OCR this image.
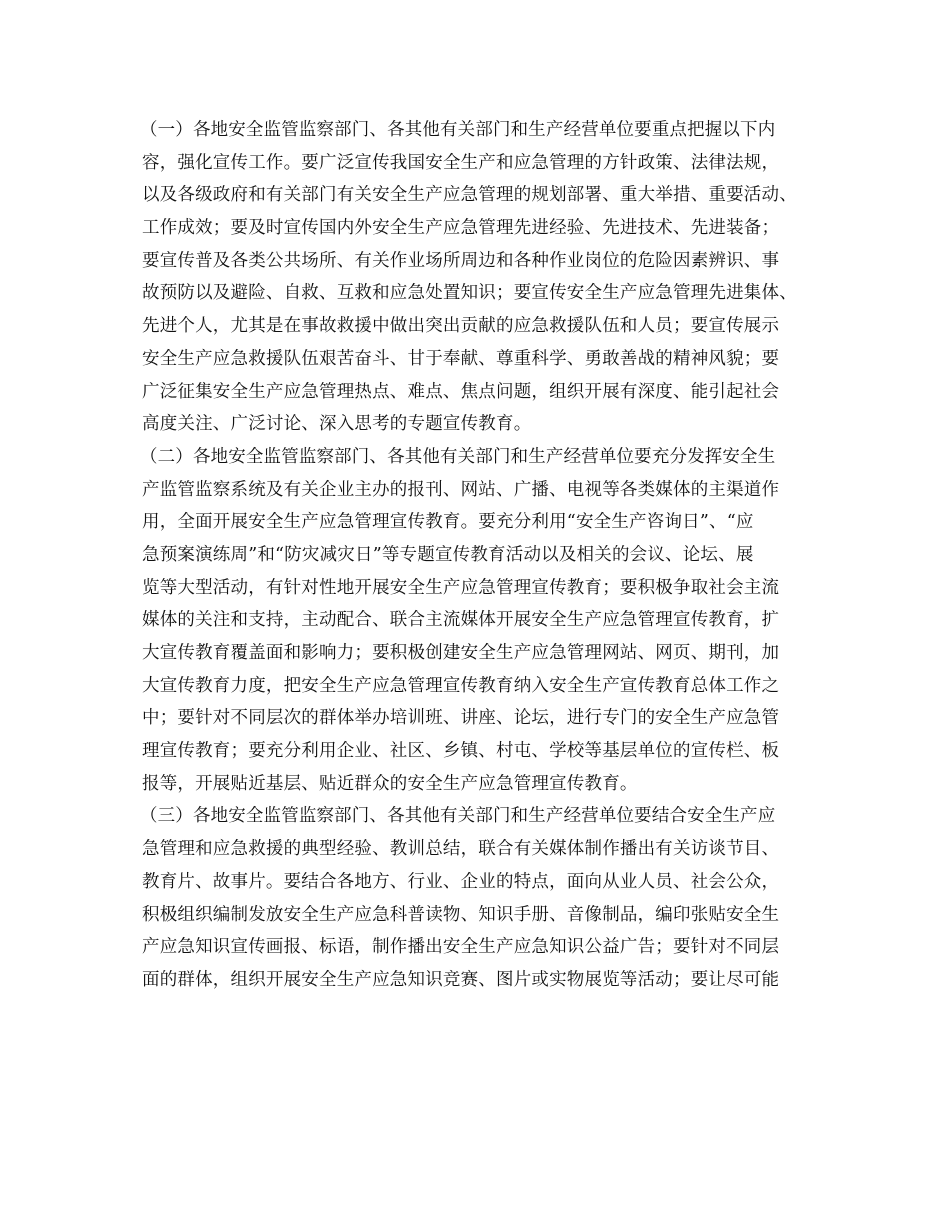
（一）各地安全监管监察部门、各其他有关部门和生产经营单位要重点把握以下内
容，强化宣传工作。要广泛宣传我国安全生产和应急管理的方针政策、法律法规，
以及各级政府和有关部门有关安全生产应急管理的规划部署、重大举措、重要活动、
工作成效；要及时宣传国内外安全生产应急管理先进经验、先进技术、先进装备；
要宣传普及各类公共场所、有关作业场所周边和各种作业岗位的危险因素辨识、事
故预防以及避险、自救、互救和应急处置知识；要宣传安全生产应急管理先进集体、
先进个人，尤其是在事故救援中做出突出贡献的应急救援队伍和人员；要宣传展示
安全生产应急救援队伍艰苦奋斗、甘于奉献、尊重科学、勇敢善战的精神风貌；要
广泛征集安全生产应急管理热点、难点、焦点问题，组织开展有深度、能引起社会
高度关注、广泛讨论、深入思考的专题宣传教育。
（二）各地安全监管监察部门、各其他有关部门和生产经营单位要充分发挥安全生
产监管监察系统及有关企业主办的报刊、网站、广播、电视等各类媒体的主渠道作
用，全面开展安全生产应急管理宣传教育。要充分利用“安全生产咨询日”、“应
急预案演练周”和“防灾减灾日”等专题宣传教育活动以及相关的会议、论坛、展
览等大型活动，有针对性地开展安全生产应急管理宣传教育；要积极争取社会主流
媒体的关注和支持，主动配合、联合主流媒体开展安全生产应急管理宣传教育，扩
大宣传教育覆盖面和影响力；要积极创建安全生产应急管理网站、网页、期刊，加
大宣传教育力度，把安全生产应急管理宣传教育纳入安全生产宣传教育总体工作之
中；要针对不同层次的群体举办培训班、讲座、论坛，进行专门的安全生产应急管
理宣传教育；要充分利用企业、社区、乡镇、村屯、学校等基层单位的宣传栏、板
报等，开展贴近基层、贴近群众的安全生产应急管理宣传教育。
（三）各地安全监管监察部门、各其他有关部门和生产经营单位要结合安全生产应
急管理和应急救援的典型经验、教训总结，联合有关媒体制作播出有关访谈节目、
教育片、故事片。要结合各地方、行业、企业的特点，面向从业人员、社会公众，
积极组织编制发放安全生产应急科普读物、知识手册、音像制品，编印张贴安全生
产应急知识宣传画报、标语，制作播出安全生产应急知识公益广告；要针对不同层
面的群体，组织开展安全生产应急知识竞赛、图片或实物展览等活动；要让尽可能
